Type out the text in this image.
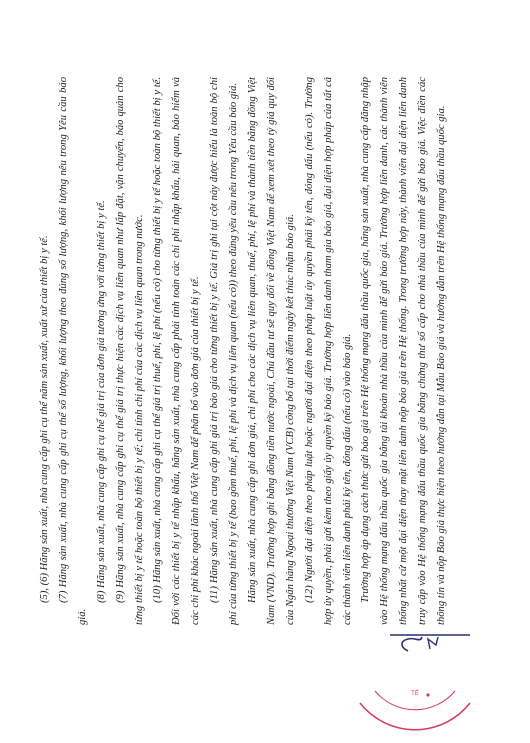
(5), (6) Hãng sản xuất, nhà cung cấp ghi cụ thể năm sản xuất, xuất xứ của thiết bị y tế. (7) Hãng sản xuất, nhà cung cấp ghi cụ thể số lượng, khối lượng theo đúng số lượng, khối lượng nêu trong Yêu cầu báo giá.

(8) Hãng sản xuất, nhà cung cấp ghi cụ thể giá trị của đơn giá tương ứng với từng thiết bị y tế. (9) Hãng sản xuất, nhà cung cấp ghi cụ thể giá trị thực hiện các dịch vụ liên quan như lắp đặt, vận chuyển, bảo quản cho từng thiết bị y tế hoặc toàn bộ thiết bị y tế; chi tính chi phí của các dịch vụ liên quan trong nước. (10) Hãng sản xuất, nhà cung cấp ghi cụ thể giá trị thuế, phí, lệ phí (nếu có) cho từng thiết bị y tế hoặc toàn bộ thiết bị y tế. Đối với các thiết bị y tế nhập khẩu, hãng sản xuất, nhà cung cấp phải tính toán các chi phí nhập khẩu, hải quan, bảo hiểm và các chi phí khác ngoài lãnh thổ Việt Nam để phân bổ vào đơn giá của thiết bị y tế. (11) Hãng sản xuất, nhà cung cấp ghi giá trị báo giá cho từng thiết bị y tế. Giá trị ghi tại cột này được hiểu là toàn bộ chi phí của từng thiết bị y tế (bao gồm thuế, phí, lệ phí và dịch vụ liên quan (nếu có)) theo đúng yêu cầu nêu trong Yêu cầu báo giá. Hãng sản xuất, nhà cung cấp ghi đơn giá, chi phí cho các dịch vụ liên quan, thuế, phí, lệ phí và thành tiền bằng đồng Việt Nam (VND). Trường hợp ghi bằng đồng tiền nước ngoài, Chủ đầu tư sẽ quy đổi về đồng Việt Nam để xem xét theo tỷ giá quy đổi của Ngân hàng Ngoại thương Việt Nam (VCB) công bố tại thời điểm ngày kết thúc nhận báo giá. (12) Người đại diện theo pháp luật hoặc người đại diện theo pháp luật ủy quyền phải ký tên, đóng dấu (nếu có). Trường hợp ủy quyền, phải gửi kèm theo giấy ủy quyền ký báo giá. Trường hợp liên danh tham gia báo giá, đại diện hợp pháp của tất cả các thành viên liên danh phải ký tên, đóng dấu (nếu có) vào báo giá. Trường hợp áp dụng cách thức gửi báo giá trên Hệ thống mạng đấu thầu quốc gia, hãng sản xuất, nhà cung cấp đăng nhập vào Hệ thống mạng đấu thầu quốc gia bằng tài khoản nhà thầu của mình để gửi báo giá. Trường hợp liên danh, các thành viên thống nhất cử một đại diện thay mặt liên danh nộp báo giá trên Hệ thống. Trong trường hợp này, thành viên đại diện liên danh truy cập vào Hệ thống mạng đấu thầu quốc gia bằng chứng thư số cấp cho nhà thầu của mình để gửi báo giá. Việc điền các thông tin và nộp Báo giá thực hiện theo hướng dẫn tại Mẫu Báo giá và hướng dẫn trên Hệ thống mạng đấu thầu quốc gia.

TẾ
